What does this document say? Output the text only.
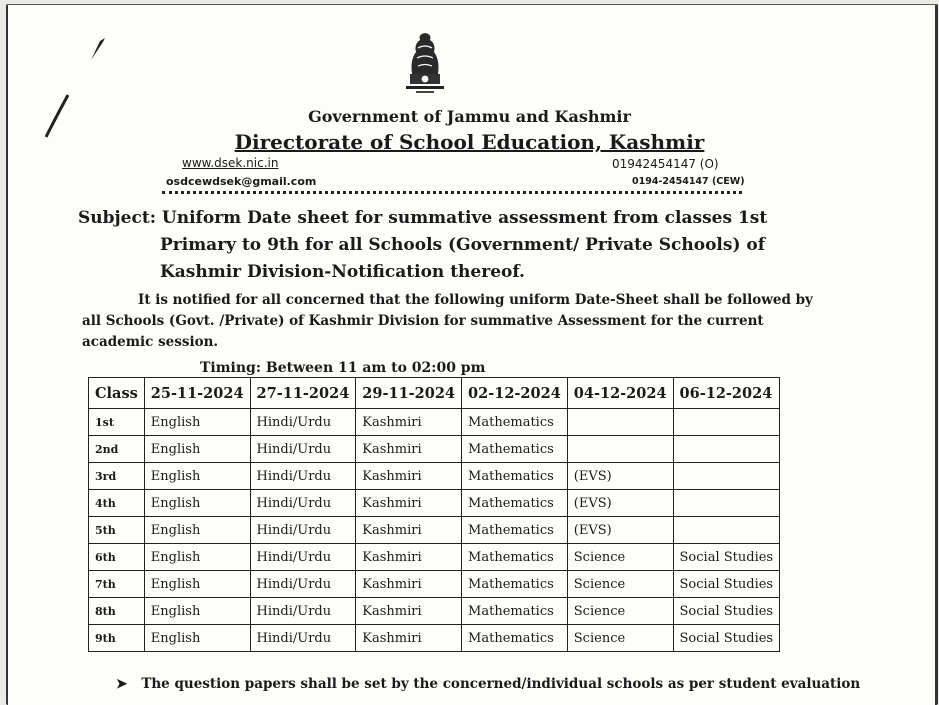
Government of Jammu and Kashmir
Directorate of School Education, Kashmir
www.dsek.nic.in
osdcewdsek@gmail.com
01942454147 (O)
0194-2454147 (CEW)
Subject: Uniform Date sheet for summative assessment from classes 1st
Primary to 9th for all Schools (Government/ Private Schools) of
Kashmir Division-Notification thereof.
It is notified for all concerned that the following uniform Date-Sheet shall be followed by
all Schools (Govt. /Private) of Kashmir Division for summative Assessment for the current
academic session.
Timing: Between 11 am to 02:00 pm
Class	25-11-2024	27-11-2024	29-11-2024	02-12-2024	04-12-2024	06-12-2024
1st	English	Hindi/Urdu	Kashmiri	Mathematics		
2nd	English	Hindi/Urdu	Kashmiri	Mathematics		
3rd	English	Hindi/Urdu	Kashmiri	Mathematics	(EVS)	
4th	English	Hindi/Urdu	Kashmiri	Mathematics	(EVS)	
5th	English	Hindi/Urdu	Kashmiri	Mathematics	(EVS)	
6th	English	Hindi/Urdu	Kashmiri	Mathematics	Science	Social Studies
7th	English	Hindi/Urdu	Kashmiri	Mathematics	Science	Social Studies
8th	English	Hindi/Urdu	Kashmiri	Mathematics	Science	Social Studies
9th	English	Hindi/Urdu	Kashmiri	Mathematics	Science	Social Studies
➤ The question papers shall be set by the concerned/individual schools as per student evaluation
